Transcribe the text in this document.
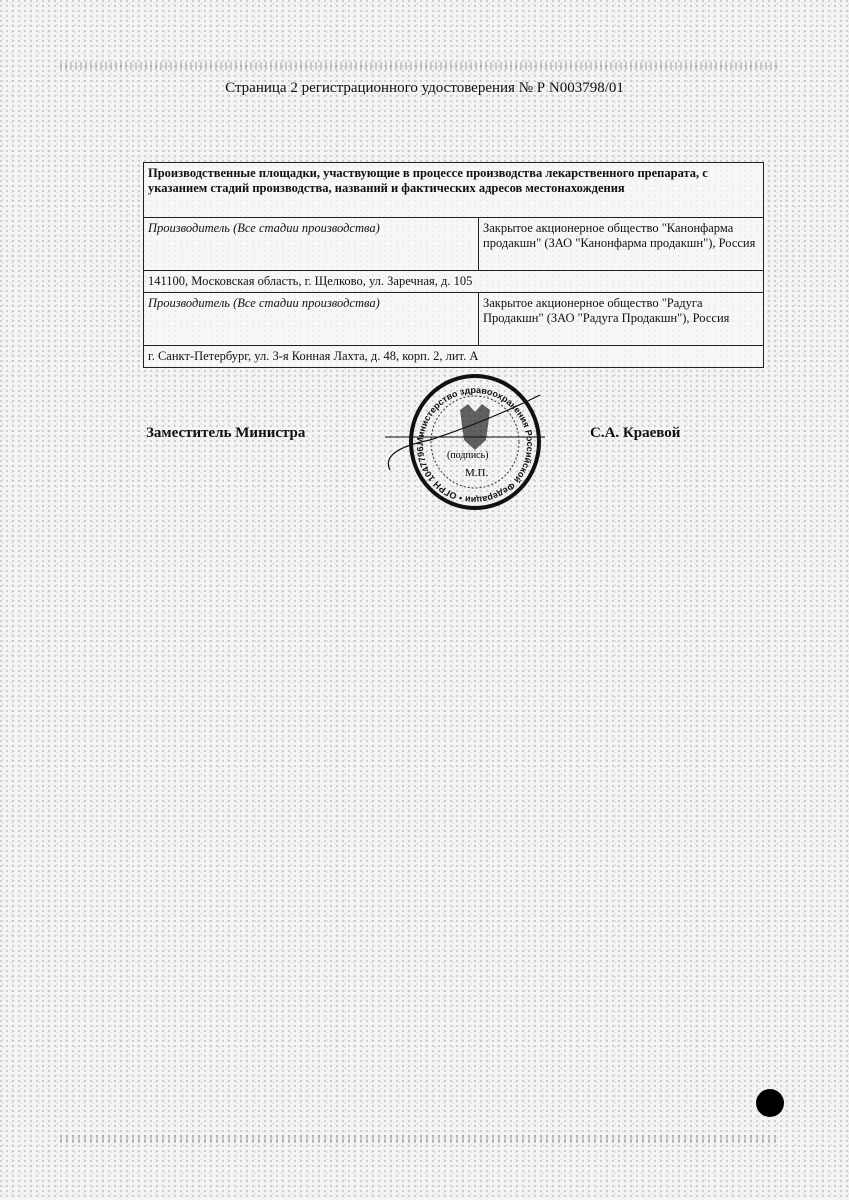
Страница 2 регистрационного удостоверения № Р N003798/01
Производственные площадки, участвующие в процессе производства лекарственного препарата, с указанием стадий производства, названий и фактических адресов местонахождения	
Производитель (Все стадии производства)	Закрытое акционерное общество "Канонфарма продакшн" (ЗАО "Канонфарма продакшн"), Россия
141100, Московская область, г. Щелково, ул. Заречная, д. 105	
Производитель (Все стадии производства)	Закрытое акционерное общество "Радуга Продакшн" (ЗАО "Радуга Продакшн"), Россия
г. Санкт-Петербург, ул. 3-я Конная Лахта, д. 48, корп. 2, лит. А	
Заместитель Министра	С.А. Краевой
Министерство здравоохранения Российской Федерации • ОГРН 1047796.
(подпись)
М.П.
